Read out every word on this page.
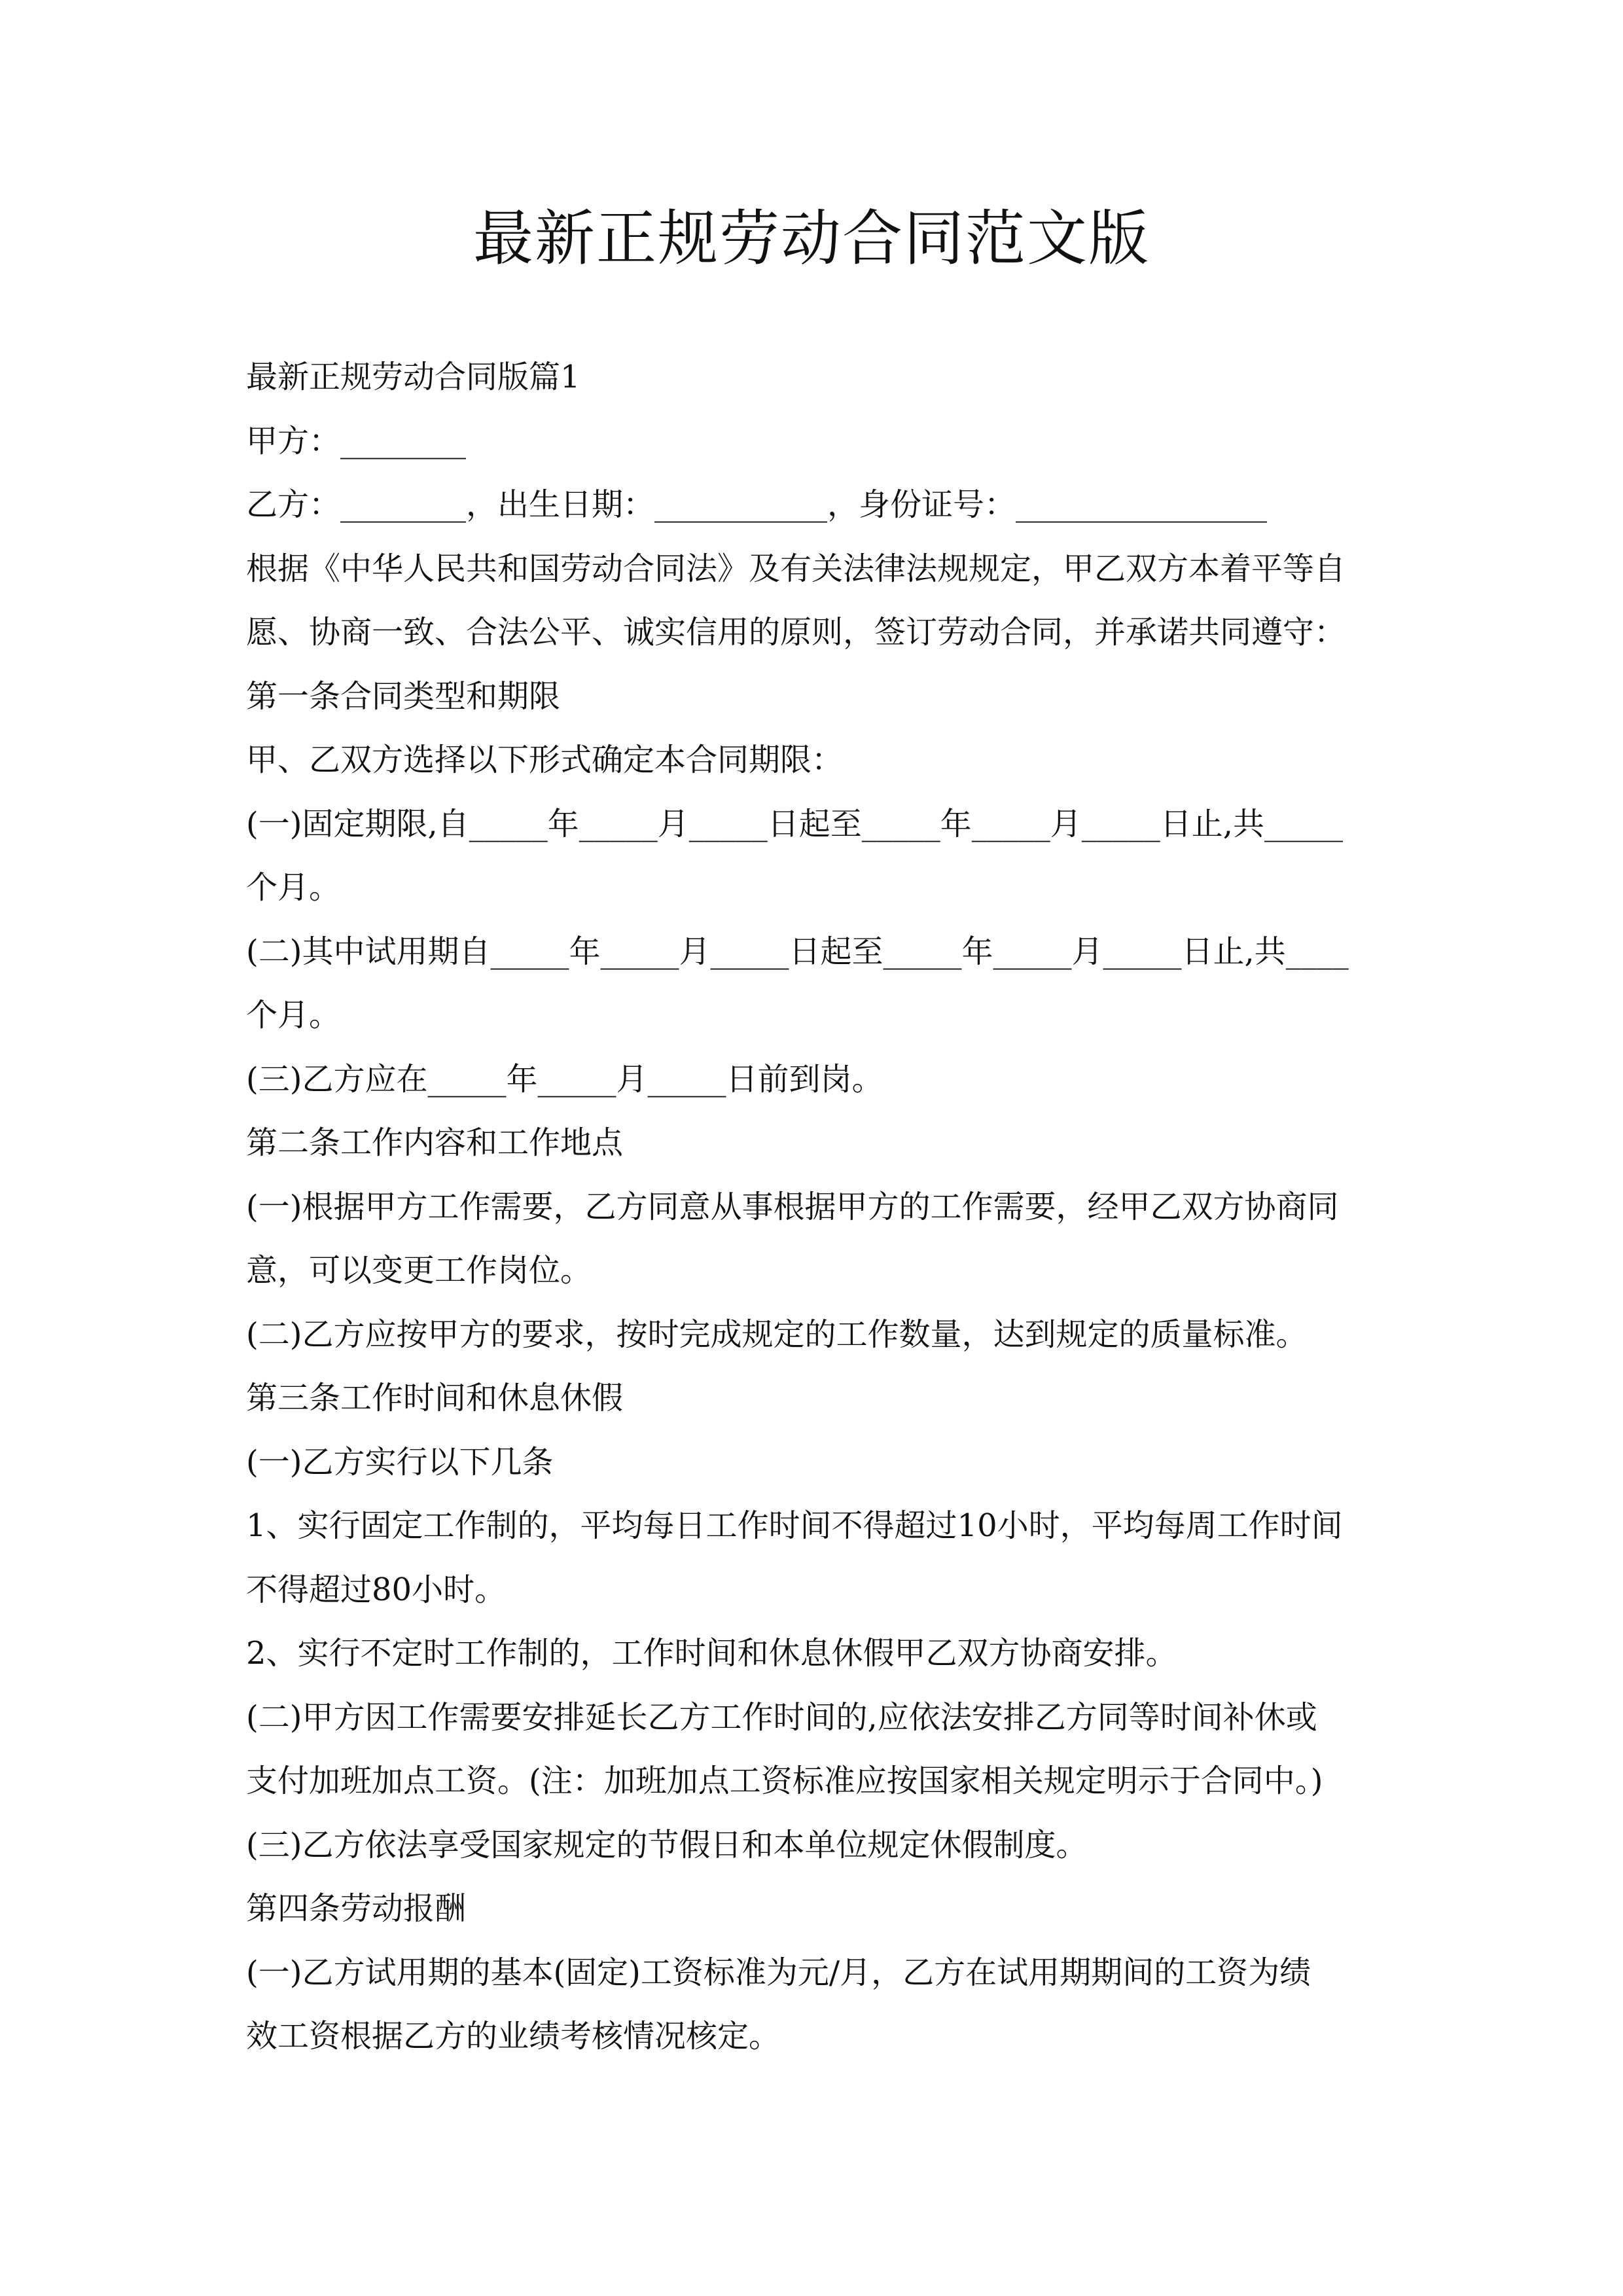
最新正规劳动合同范文版
最新正规劳动合同版篇1
甲方：________
乙方：________，出生日期：___________，身份证号：________________
根据《中华人民共和国劳动合同法》及有关法律法规规定，甲乙双方本着平等自
愿、协商一致、合法公平、诚实信用的原则，签订劳动合同，并承诺共同遵守：
第一条合同类型和期限
甲、乙双方选择以下形式确定本合同期限：
(一)固定期限,自_____年_____月_____日起至_____年_____月_____日止,共_____
个月。
(二)其中试用期自_____年_____月_____日起至_____年_____月_____日止,共____
个月。
(三)乙方应在_____年_____月_____日前到岗。
第二条工作内容和工作地点
(一)根据甲方工作需要，乙方同意从事根据甲方的工作需要，经甲乙双方协商同
意，可以变更工作岗位。
(二)乙方应按甲方的要求，按时完成规定的工作数量，达到规定的质量标准。
第三条工作时间和休息休假
(一)乙方实行以下几条
1、实行固定工作制的，平均每日工作时间不得超过10小时，平均每周工作时间
不得超过80小时。
2、实行不定时工作制的，工作时间和休息休假甲乙双方协商安排。
(二)甲方因工作需要安排延长乙方工作时间的,应依法安排乙方同等时间补休或
支付加班加点工资。(注：加班加点工资标准应按国家相关规定明示于合同中。)
(三)乙方依法享受国家规定的节假日和本单位规定休假制度。
第四条劳动报酬
(一)乙方试用期的基本(固定)工资标准为元/月，乙方在试用期期间的工资为绩
效工资根据乙方的业绩考核情况核定。
